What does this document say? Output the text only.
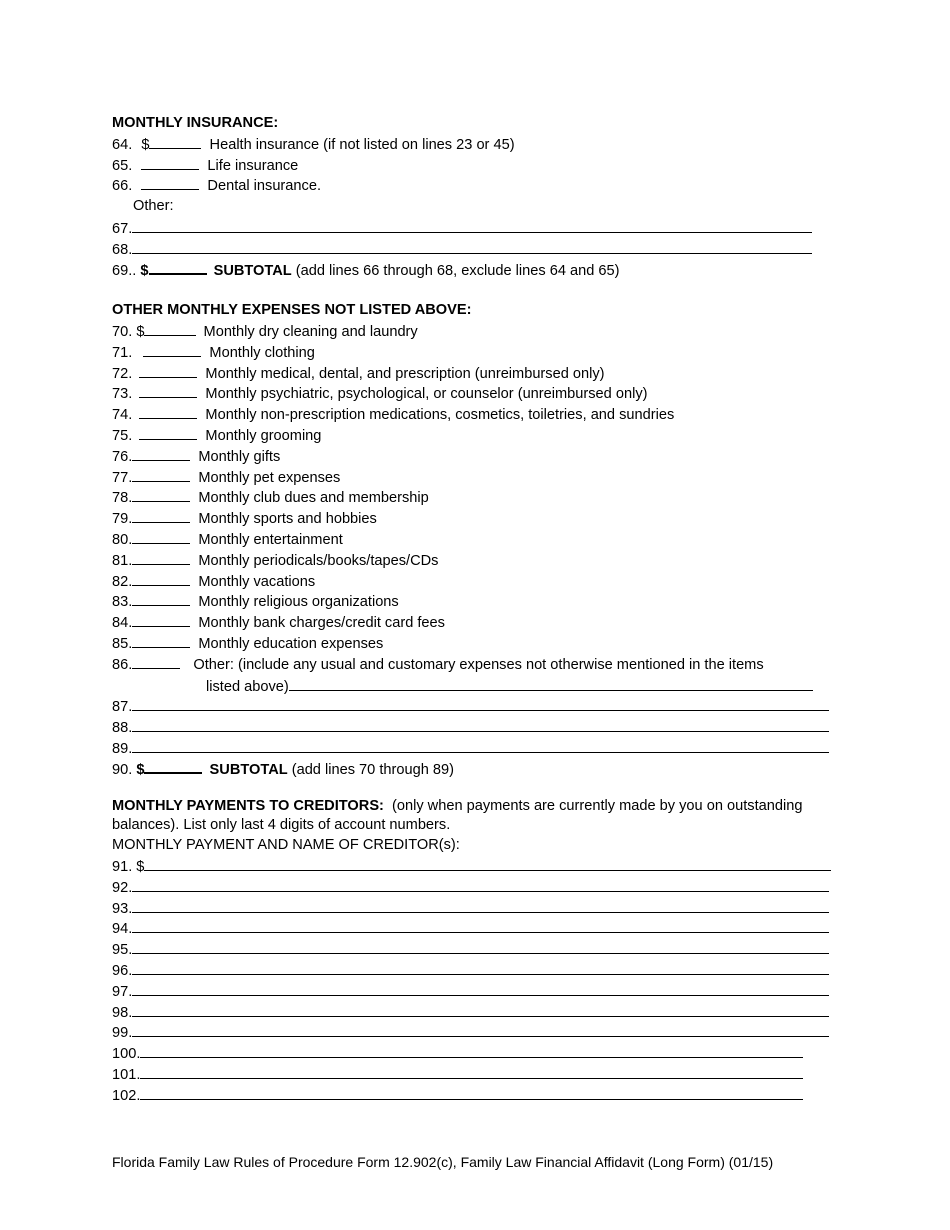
MONTHLY INSURANCE:
64. $	Health insurance (if not listed on lines 23 or 45)
65.	Life insurance
66.	Dental insurance.
Other:
67.
68.
69.. $	SUBTOTAL (add lines 66 through 68, exclude lines 64 and 65)
OTHER MONTHLY EXPENSES NOT LISTED ABOVE:
70. $	Monthly dry cleaning and laundry
71.	Monthly clothing
72.	Monthly medical, dental, and prescription (unreimbursed only)
73.	Monthly psychiatric, psychological, or counselor (unreimbursed only)
74.	Monthly non-prescription medications, cosmetics, toiletries, and sundries
75.	Monthly grooming
76.	Monthly gifts
77.	Monthly pet expenses
78.	Monthly club dues and membership
79.	Monthly sports and hobbies
80.	Monthly entertainment
81.	Monthly periodicals/books/tapes/CDs
82.	Monthly vacations
83.	Monthly religious organizations
84.	Monthly bank charges/credit card fees
85.	Monthly education expenses
86.	Other: (include any usual and customary expenses not otherwise mentioned in the items
listed above)
87.
88.
89.
90. $	SUBTOTAL (add lines 70 through 89)
MONTHLY PAYMENTS TO CREDITORS: (only when payments are currently made by you on outstanding balances). List only last 4 digits of account numbers.
MONTHLY PAYMENT AND NAME OF CREDITOR(s):
91. $
92.
93.
94.
95.
96.
97.
98.
99.
100.
101.
102.
Florida Family Law Rules of Procedure Form 12.902(c), Family Law Financial Affidavit (Long Form) (01/15)
